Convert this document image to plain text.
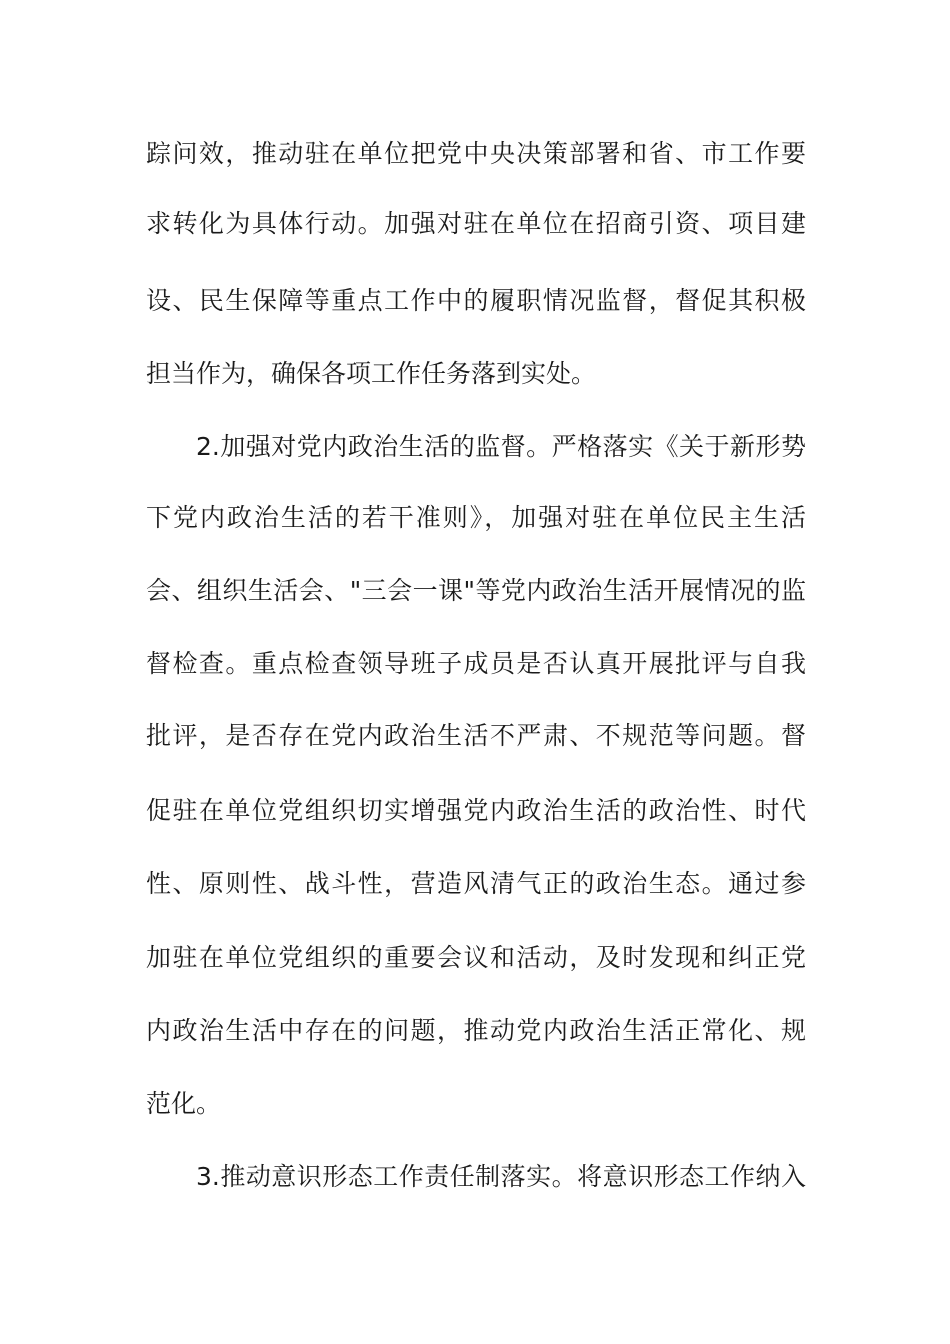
踪问效，推动驻在单位把党中央决策部署和省、市工作要
求转化为具体行动。加强对驻在单位在招商引资、项目建
设、民生保障等重点工作中的履职情况监督，督促其积极
担当作为，确保各项工作任务落到实处。
2.加强对党内政治生活的监督。严格落实《关于新形势
下党内政治生活的若干准则》，加强对驻在单位民主生活
会、组织生活会、"三会一课"等党内政治生活开展情况的监
督检查。重点检查领导班子成员是否认真开展批评与自我
批评，是否存在党内政治生活不严肃、不规范等问题。督
促驻在单位党组织切实增强党内政治生活的政治性、时代
性、原则性、战斗性，营造风清气正的政治生态。通过参
加驻在单位党组织的重要会议和活动，及时发现和纠正党
内政治生活中存在的问题，推动党内政治生活正常化、规
范化。
3.推动意识形态工作责任制落实。将意识形态工作纳入
